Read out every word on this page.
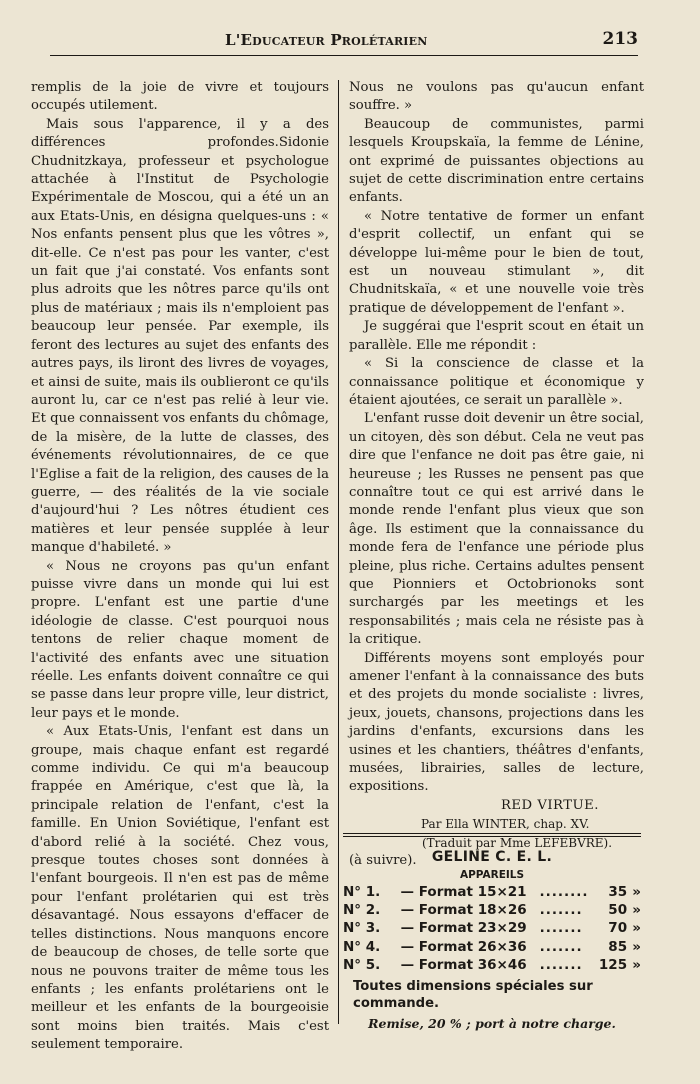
L'Educateur Prolétarien	213

remplis de la joie de vivre et toujours occupés utilement.

Mais sous l'apparence, il y a des différences profondes.Sidonie Chudnitzkaya, professeur et psychologue attachée à l'Institut de Psychologie Expérimentale de Moscou, qui a été un an aux Etats-Unis, en désigna quelques-uns : « Nos enfants pensent plus que les vôtres », dit-elle. Ce n'est pas pour les vanter, c'est un fait que j'ai constaté. Vos enfants sont plus adroits que les nôtres parce qu'ils ont plus de matériaux ; mais ils n'emploient pas beaucoup leur pensée. Par exemple, ils feront des lectures au sujet des enfants des autres pays, ils liront des livres de voyages, et ainsi de suite, mais ils oublieront ce qu'ils auront lu, car ce n'est pas relié à leur vie. Et que connaissent vos enfants du chômage, de la misère, de la lutte de classes, des événements révolutionnaires, de ce que l'Eglise a fait de la religion, des causes de la guerre, — des réalités de la vie sociale d'aujourd'hui ? Les nôtres étudient ces matières et leur pensée supplée à leur manque d'habileté. »

« Nous ne croyons pas qu'un enfant puisse vivre dans un monde qui lui est propre. L'enfant est une partie d'une idéologie de classe. C'est pourquoi nous tentons de relier chaque moment de l'activité des enfants avec une situation réelle. Les enfants doivent connaître ce qui se passe dans leur propre ville, leur district, leur pays et le monde.

« Aux Etats-Unis, l'enfant est dans un groupe, mais chaque enfant est regardé comme individu. Ce qui m'a beaucoup frappée en Amérique, c'est que là, la principale relation de l'enfant, c'est la famille. En Union Soviétique, l'enfant est d'abord relié à la société. Chez vous, presque toutes choses sont données à l'enfant bourgeois. Il n'en est pas de même pour l'enfant prolétarien qui est très désavantagé. Nous essayons d'effacer de telles distinctions. Nous manquons encore de beaucoup de choses, de telle sorte que nous ne pouvons traiter de même tous les enfants ; les enfants prolétariens ont le meilleur et les enfants de la bourgeoisie sont moins bien traités. Mais c'est seulement temporaire.

Nous ne voulons pas qu'aucun enfant souffre. »

Beaucoup de communistes, parmi lesquels Kroupskaïa, la femme de Lénine, ont exprimé de puissantes objections au sujet de cette discrimination entre certains enfants.

« Notre tentative de former un enfant d'esprit collectif, un enfant qui se développe lui-même pour le bien de tout, est un nouveau stimulant », dit Chudnitskaïa, « et une nouvelle voie très pratique de développement de l'enfant ».

Je suggérai que l'esprit scout en était un parallèle. Elle me répondit :

« Si la conscience de classe et la connaissance politique et économique y étaient ajoutées, ce serait un parallèle ».

L'enfant russe doit devenir un être social, un citoyen, dès son début. Cela ne veut pas dire que l'enfance ne doit pas être gaie, ni heureuse ; les Russes ne pensent pas que connaître tout ce qui est arrivé dans le monde rende l'enfant plus vieux que son âge. Ils estiment que la connaissance du monde fera de l'enfance une période plus pleine, plus riche. Certains adultes pensent que Pionniers et Octobrionoks sont surchargés par les meetings et les responsabilités ; mais cela ne résiste pas à la critique.

Différents moyens sont employés pour amener l'enfant à la connaissance des buts et des projets du monde socialiste : livres, jeux, jouets, chansons, projections dans les jardins d'enfants, excursions dans les usines et les chantiers, théâtres d'enfants, musées, librairies, salles de lecture, expositions.

RED VIRTUE.
Par Ella WINTER, chap. XV.
(Traduit par Mme LEFEBVRE).
(à suivre).	GELINE C. E. L.
APPAREILS
N° 1.	— Format 15×21 ........	35 »
N° 2.	— Format 18×26 .......	50 »
N° 3.	— Format 23×29 .......	70 »
N° 4.	— Format 26×36 .......	85 »
N° 5.	— Format 36×46 .......	125 »
Toutes dimensions spéciales sur commande.
Remise, 20 % ; port à notre charge.
